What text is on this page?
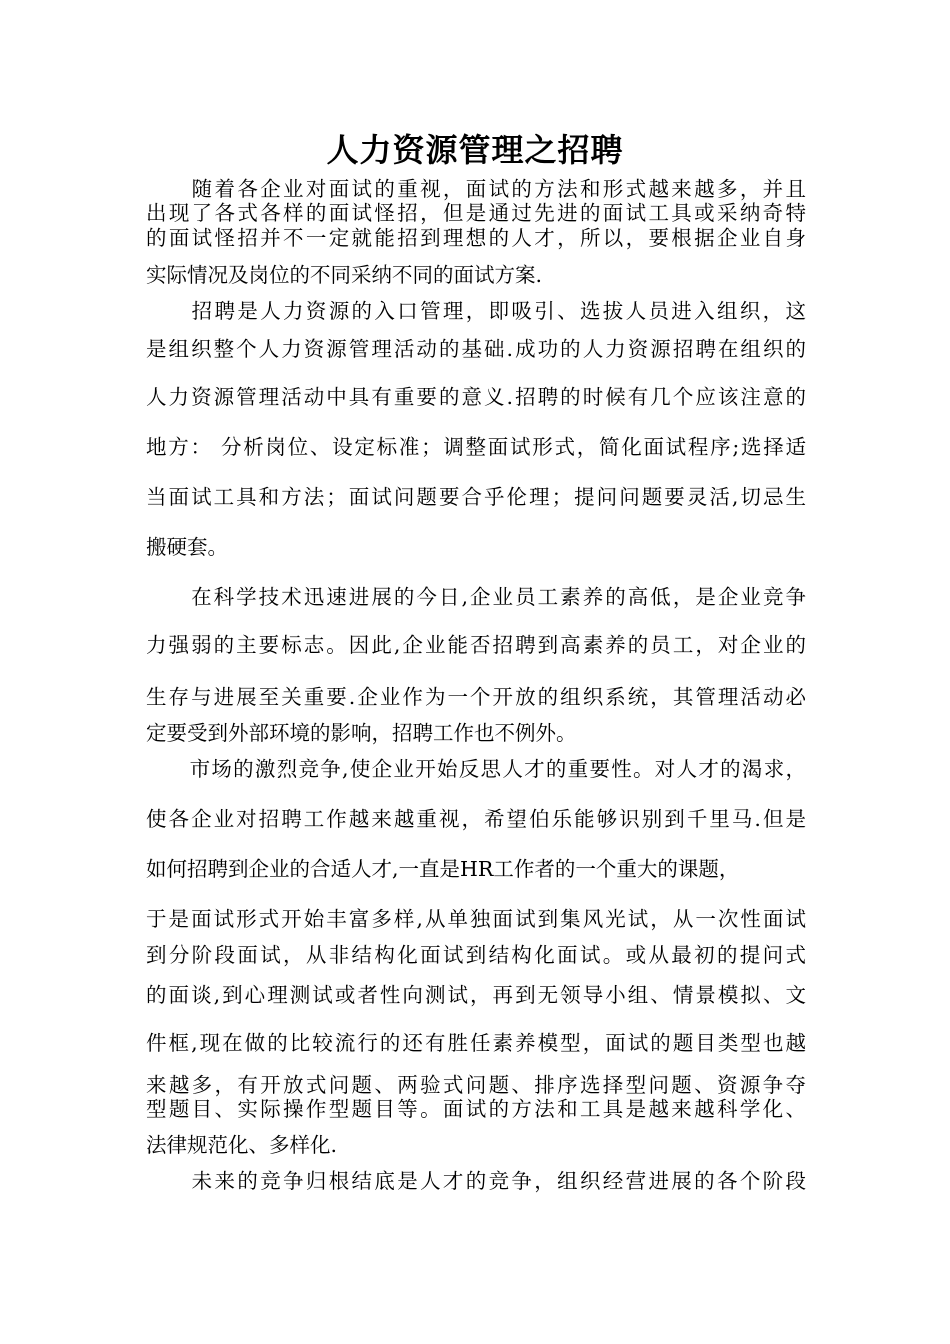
人力资源管理之招聘
　　随着各企业对面试的重视，面试的方法和形式越来越多，并且
出现了各式各样的面试怪招，但是通过先进的面试工具或采纳奇特
的面试怪招并不一定就能招到理想的人才，所以，要根据企业自身
实际情况及岗位的不同采纳不同的面试方案.
　　招聘是人力资源的入口管理，即吸引、选拔人员进入组织，这
是组织整个人力资源管理活动的基础.成功的人力资源招聘在组织的
人力资源管理活动中具有重要的意义.招聘的时候有几个应该注意的
地方： 分析岗位、设定标准；调整面试形式，简化面试程序;选择适
当面试工具和方法；面试问题要合乎伦理；提问问题要灵活,切忌生
搬硬套。
　　在科学技术迅速进展的今日,企业员工素养的高低，是企业竞争
力强弱的主要标志。因此,企业能否招聘到高素养的员工，对企业的
生存与进展至关重要.企业作为一个开放的组织系统，其管理活动必
定要受到外部环境的影响，招聘工作也不例外。
　　市场的激烈竞争,使企业开始反思人才的重要性。对人才的渴求，
使各企业对招聘工作越来越重视，希望伯乐能够识别到千里马.但是
如何招聘到企业的合适人才,一直是HR工作者的一个重大的课题，
于是面试形式开始丰富多样,从单独面试到集风光试，从一次性面试
到分阶段面试，从非结构化面试到结构化面试。或从最初的提问式
的面谈,到心理测试或者性向测试，再到无领导小组、情景模拟、文
件框,现在做的比较流行的还有胜任素养模型，面试的题目类型也越
来越多，有开放式问题、两验式问题、排序选择型问题、资源争夺
型题目、实际操作型题目等。面试的方法和工具是越来越科学化、
法律规范化、多样化.
　　未来的竞争归根结底是人才的竞争，组织经营进展的各个阶段
